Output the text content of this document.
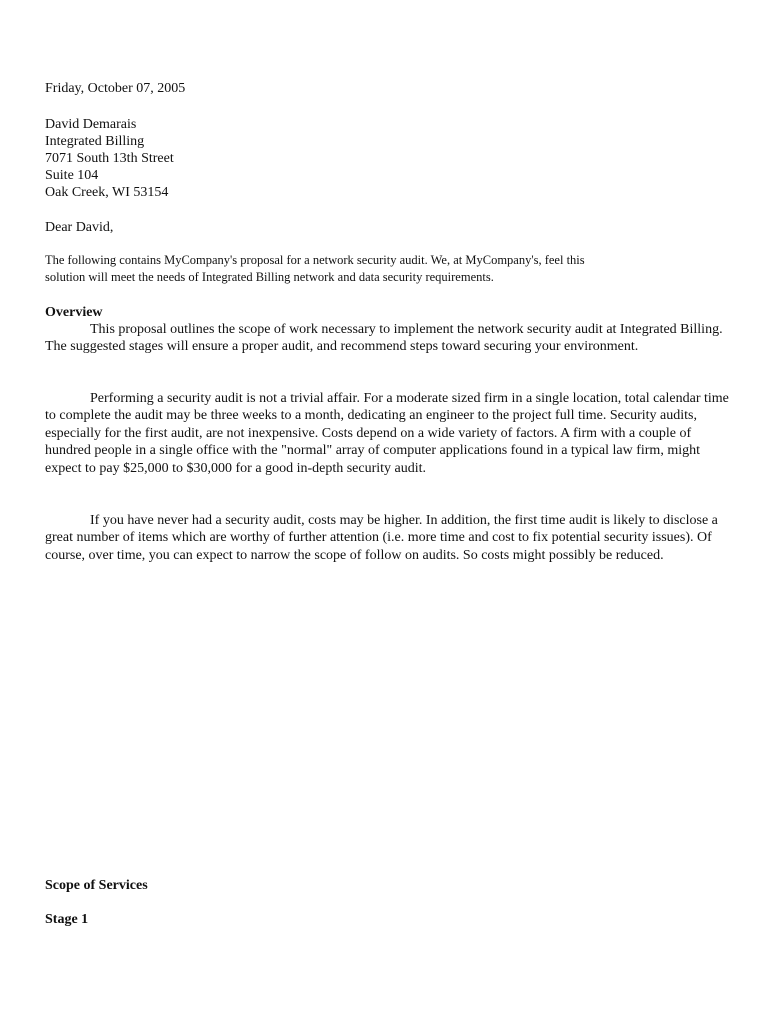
Friday, October 07, 2005
David Demarais
Integrated Billing
7071 South 13th Street
Suite 104
Oak Creek, WI 53154
Dear David,
The following contains MyCompany's proposal for a network security audit. We, at MyCompany's, feel this
solution will meet the needs of Integrated Billing network and data security requirements.
Overview
This proposal outlines the scope of work necessary to implement the network security audit at Integrated Billing. The suggested stages will ensure a proper audit, and recommend steps toward securing your environment.
Performing a security audit is not a trivial affair. For a moderate sized firm in a single location, total calendar time to complete the audit may be three weeks to a month, dedicating an engineer to the project full time. Security audits, especially for the first audit, are not inexpensive. Costs depend on a wide variety of factors. A firm with a couple of hundred people in a single office with the "normal" array of computer applications found in a typical law firm, might expect to pay $25,000 to $30,000 for a good in-depth security audit.
If you have never had a security audit, costs may be higher. In addition, the first time audit is likely to disclose a great number of items which are worthy of further attention (i.e. more time and cost to fix potential security issues). Of course, over time, you can expect to narrow the scope of follow on audits. So costs might possibly be reduced.
Scope of Services
Stage 1
